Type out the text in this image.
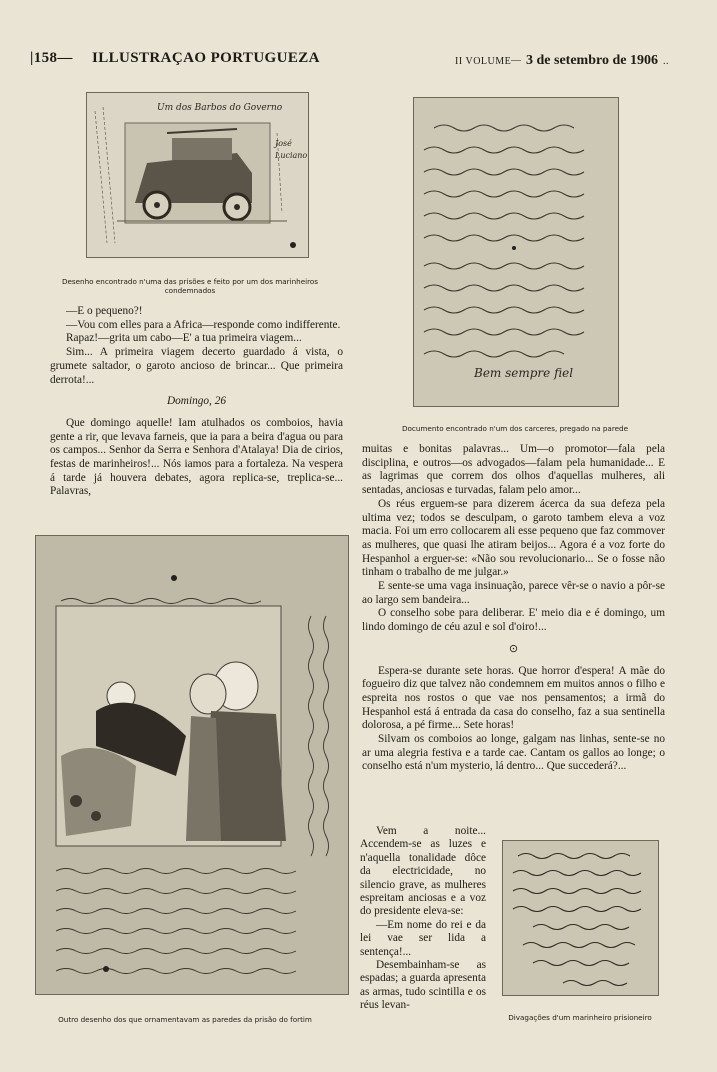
|158— ILLUSTRAÇAO PORTUGUEZA	II VOLUME — 3 de setembro de 1906 ..
Um dos Barbos do Governo
José Luciano
Desenho encontrado n'uma das prisões e feito por um dos marinheiros condemnados
Bem sempre fiel
Documento encontrado n'um dos carceres, pregado na parede

—E o pequeno?!

—Vou com elles para a Africa—responde como indifferente.

Rapaz!—grita um cabo—E' a tua primeira viagem...

Sim... A primeira viagem decerto guardado á vista, o grumete saltador, o garoto ancioso de brincar... Que primeira derrota!...

Domingo, 26

Que domingo aquelle! Iam atulhados os comboios, havia gente a rir, que levava farneis, que ia para a beira d'agua ou para os campos... Senhor da Serra e Senhora d'Atalaya! Dia de cirios, festas de marinheiros!... Nós iamos para a fortaleza. Na vespera á tarde já houvera debates, agora replica-se, treplica-se... Palavras,

Outro desenho dos que ornamentavam as paredes da prisão do fortim

muitas e bonitas palavras... Um—o promotor—fala pela disciplina, e outros—os advogados—falam pela humanidade... E as lagrimas que correm dos olhos d'aquellas mulheres, ali sentadas, anciosas e turvadas, falam pelo amor...

Os réus erguem-se para dizerem ácerca da sua defeza pela ultima vez; todos se desculpam, o garoto tambem eleva a voz macia. Foi um erro collocarem ali esse pequeno que faz commover as mulheres, que quasi lhe atiram beijos... Agora é a voz forte do Hespanhol a erguer-se: «Não sou revolucionario... Se o fosse não tinham o trabalho de me julgar.»

E sente-se uma vaga insinuação, parece vêr-se o navio a pôr-se ao largo sem bandeira...

O conselho sobe para deliberar. E' meio dia e é domingo, um lindo domingo de céu azul e sol d'oiro!...

⊙

Espera-se durante sete horas. Que horror d'espera! A mãe do fogueiro diz que talvez não condemnem em muitos annos o filho e espreita nos rostos o que vae nos pensamentos; a irmã do Hespanhol está á entrada da casa do conselho, faz a sua sentinella dolorosa, a pé firme... Sete horas!

Silvam os comboios ao longe, galgam nas linhas, sente-se no ar uma alegria festiva e a tarde cae. Cantam os gallos ao longe; o conselho está n'um mysterio, lá dentro... Que succederá?...

Vem a noite... Accendem-se as luzes e n'aquella tonalidade dôce da electricidade, no silencio grave, as mulheres espreitam anciosas e a voz do presidente eleva-se:

—Em nome do rei e da lei vae ser lida a sentença!...

Desembainham-se as espadas; a guarda apresenta as armas, tudo scintilla e os réus levan-

Divagações d'um marinheiro prisioneiro
